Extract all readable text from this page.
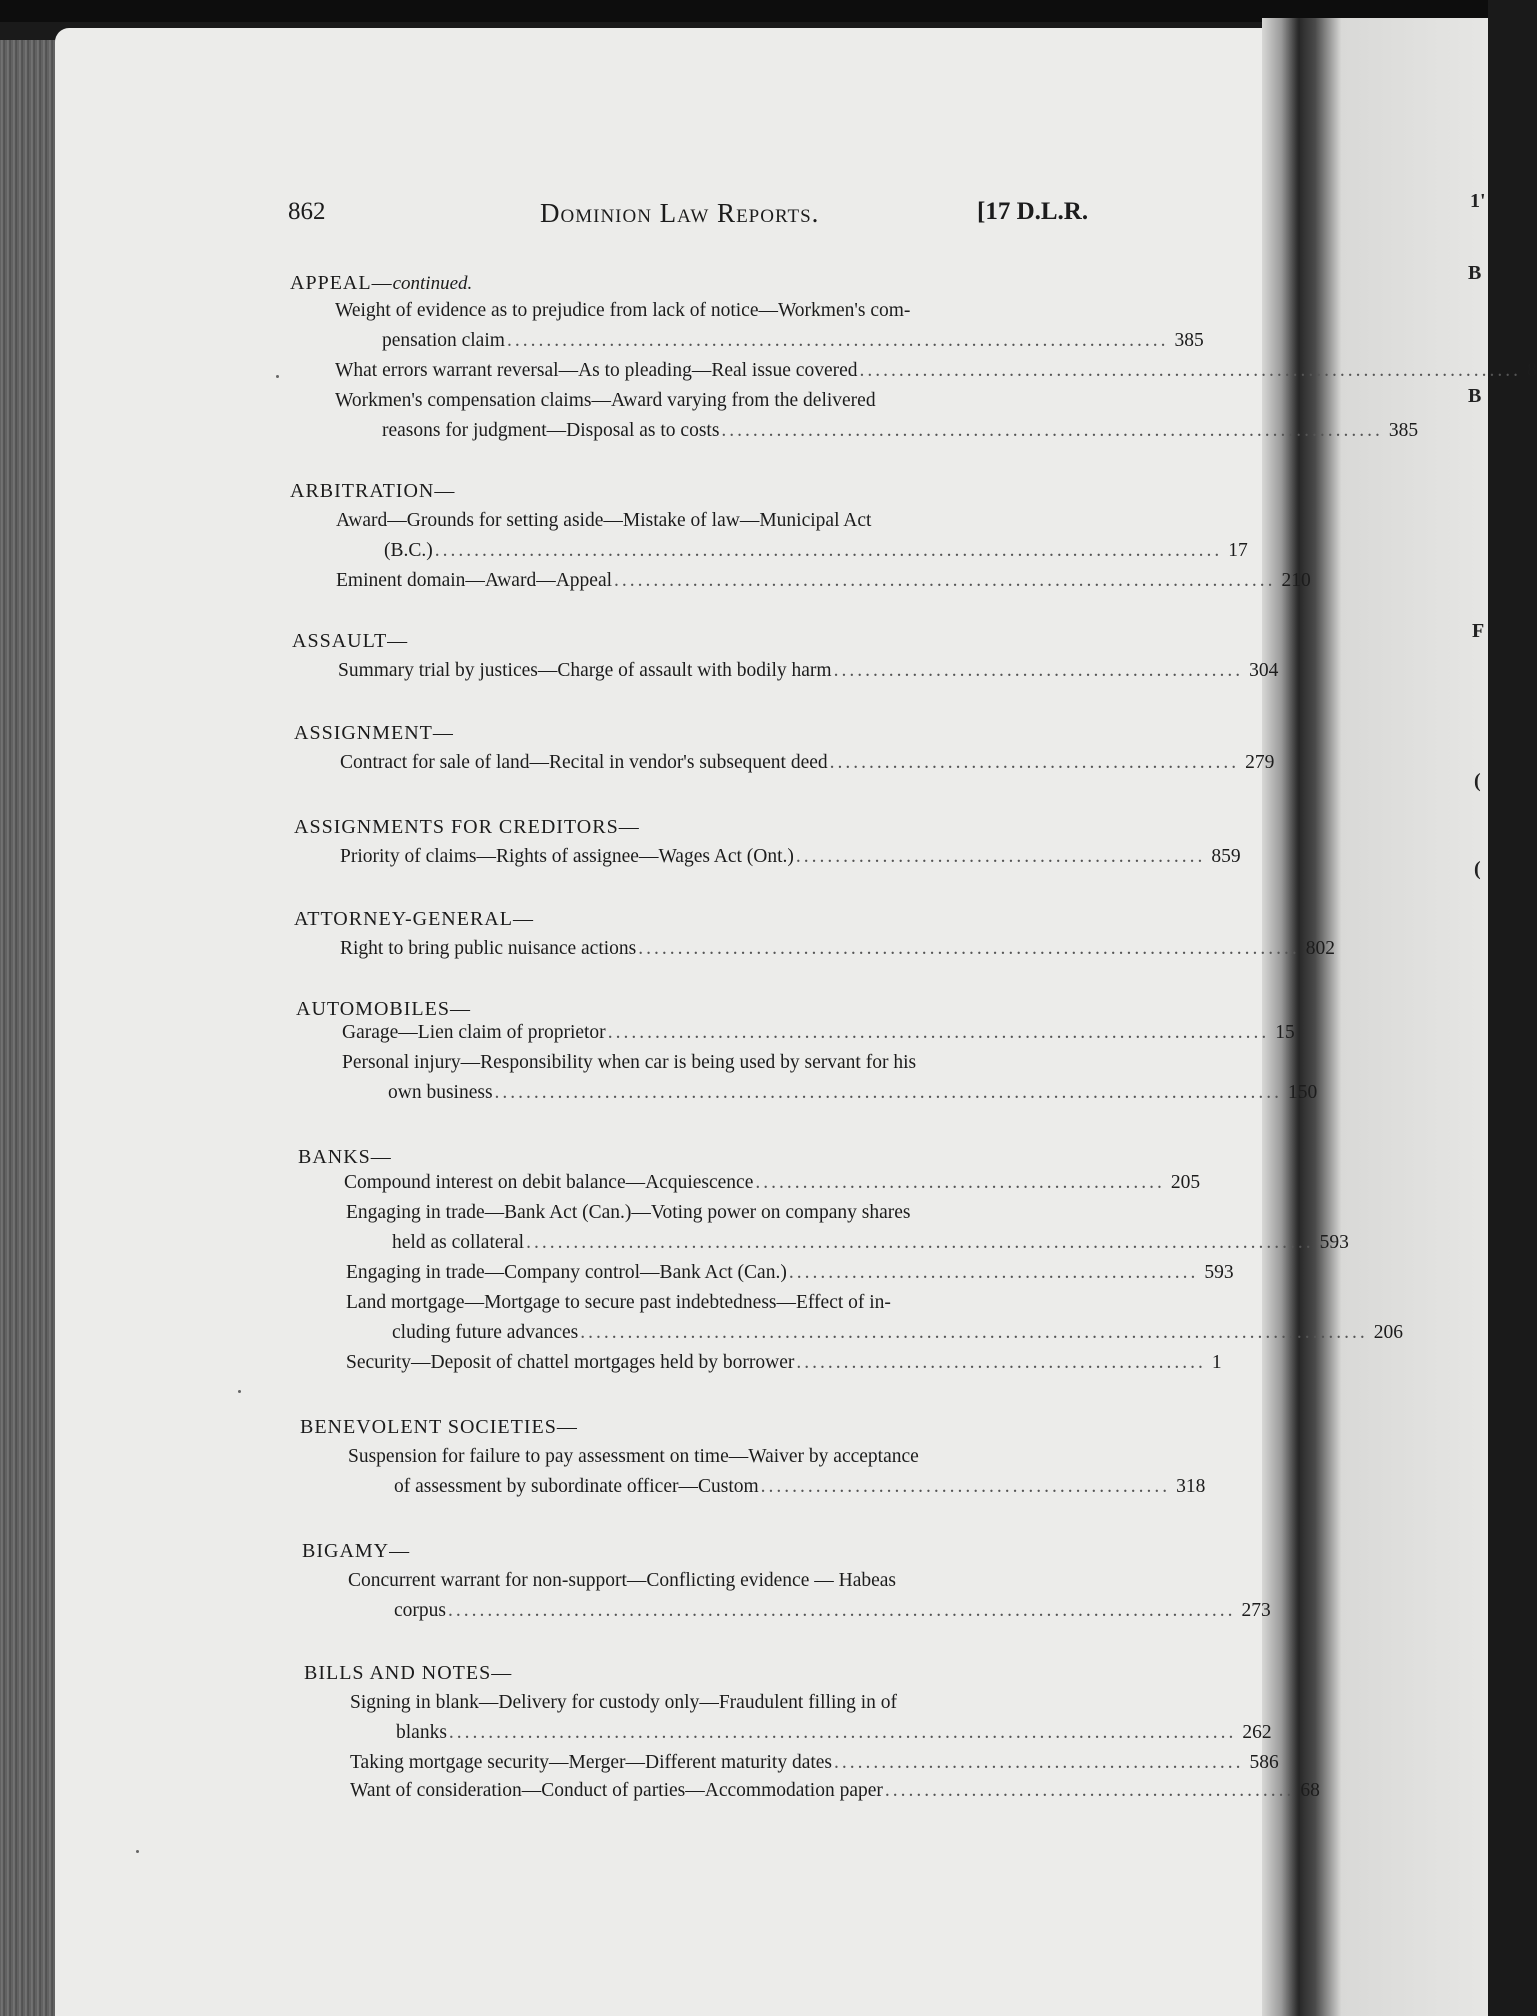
1'
B
B
F
(
(
862	Dominion Law Reports.	[17 D.L.R.
APPEAL—continued.
Weight of evidence as to prejudice from lack of notice—Workmen's com-
pensation claim .................................................................................... 385
What errors warrant reversal—As to pleading—Real issue covered .................................................................................... 8
Workmen's compensation claims—Award varying from the delivered
reasons for judgment—Disposal as to costs .................................................................................... 385
ARBITRATION—
Award—Grounds for setting aside—Mistake of law—Municipal Act
(B.C.) .................................................................................................... 17
Eminent domain—Award—Appeal .................................................................................... 210
ASSAULT—
Summary trial by justices—Charge of assault with bodily harm .................................................... 304
ASSIGNMENT—
Contract for sale of land—Recital in vendor's subsequent deed .................................................... 279
ASSIGNMENTS FOR CREDITORS—
Priority of claims—Rights of assignee—Wages Act (Ont.) .................................................... 859
ATTORNEY-GENERAL—
Right to bring public nuisance actions .................................................................................... 802
AUTOMOBILES—
Garage—Lien claim of proprietor .................................................................................... 15
Personal injury—Responsibility when car is being used by servant for his
own business .................................................................................................... 150
BANKS—
Compound interest on debit balance—Acquiescence .................................................... 205
Engaging in trade—Bank Act (Can.)—Voting power on company shares
held as collateral .................................................................................................... 593
Engaging in trade—Company control—Bank Act (Can.) .................................................... 593
Land mortgage—Mortgage to secure past indebtedness—Effect of in-
cluding future advances .................................................................................................... 206
Security—Deposit of chattel mortgages held by borrower .................................................... 1
BENEVOLENT SOCIETIES—
Suspension for failure to pay assessment on time—Waiver by acceptance
of assessment by subordinate officer—Custom .................................................... 318
BIGAMY—
Concurrent warrant for non-support—Conflicting evidence — Habeas
corpus .................................................................................................... 273
BILLS AND NOTES—
Signing in blank—Delivery for custody only—Fraudulent filling in of
blanks .................................................................................................... 262
Taking mortgage security—Merger—Different maturity dates .................................................... 586
Want of consideration—Conduct of parties—Accommodation paper .................................................... 68
